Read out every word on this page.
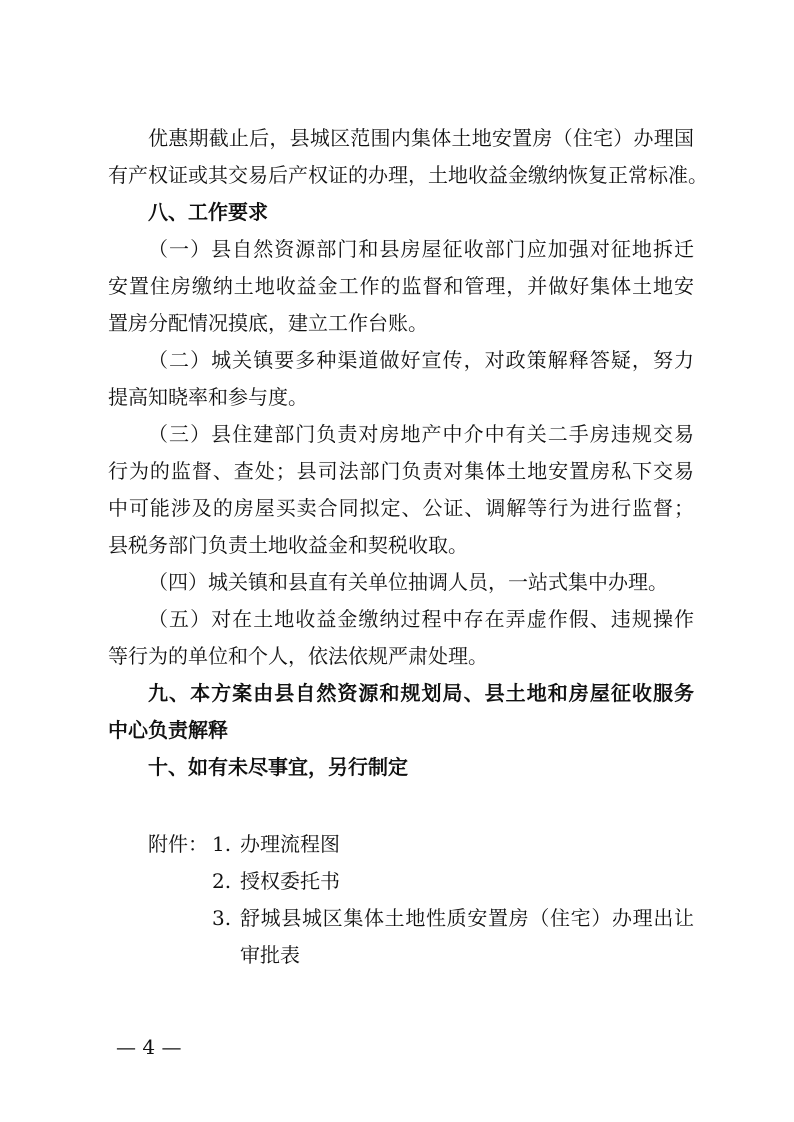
优惠期截止后，县城区范围内集体土地安置房（住宅）办理国
有产权证或其交易后产权证的办理，土地收益金缴纳恢复正常标准。
八、工作要求
（一）县自然资源部门和县房屋征收部门应加强对征地拆迁
安置住房缴纳土地收益金工作的监督和管理，并做好集体土地安
置房分配情况摸底，建立工作台账。
（二）城关镇要多种渠道做好宣传，对政策解释答疑，努力
提高知晓率和参与度。
（三）县住建部门负责对房地产中介中有关二手房违规交易
行为的监督、查处；县司法部门负责对集体土地安置房私下交易
中可能涉及的房屋买卖合同拟定、公证、调解等行为进行监督；
县税务部门负责土地收益金和契税收取。
（四）城关镇和县直有关单位抽调人员，一站式集中办理。
（五）对在土地收益金缴纳过程中存在弄虚作假、违规操作
等行为的单位和个人，依法依规严肃处理。
九、本方案由县自然资源和规划局、县土地和房屋征收服务
中心负责解释
十、如有未尽事宜，另行制定
附件： 1. 办理流程图
2. 授权委托书
3. 舒城县城区集体土地性质安置房（住宅）办理出让
审批表
— 4 —
